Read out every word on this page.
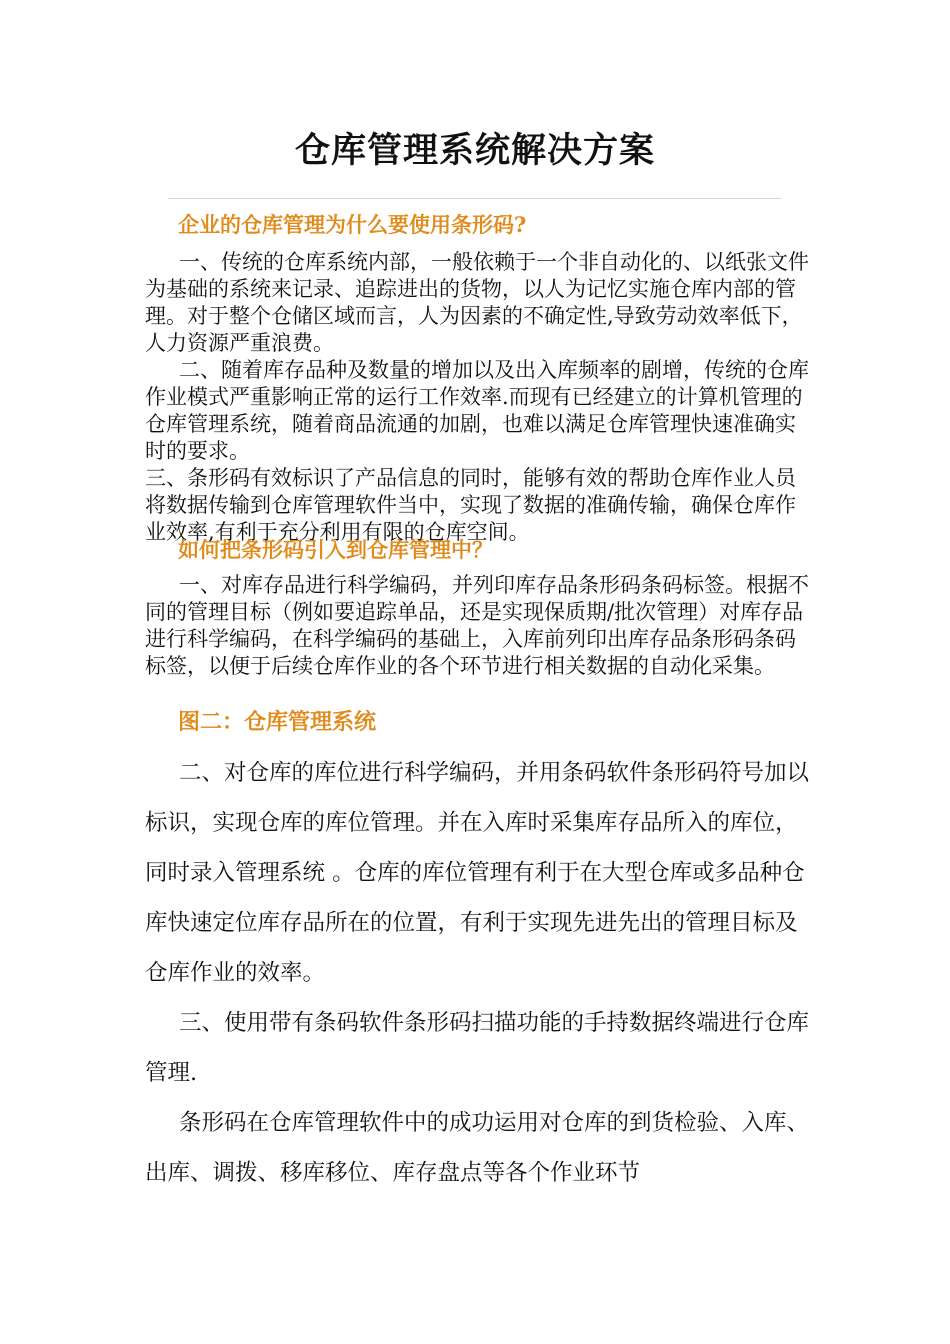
仓库管理系统解决方案
企业的仓库管理为什么要使用条形码?

一、传统的仓库系统内部，一般依赖于一个非自动化的、以纸张文件为基础的系统来记录、追踪进出的货物，以人为记忆实施仓库内部的管理。对于整个仓储区域而言，人为因素的不确定性,导致劳动效率低下，人力资源严重浪费。

二、随着库存品种及数量的增加以及出入库频率的剧增，传统的仓库作业模式严重影响正常的运行工作效率.而现有已经建立的计算机管理的仓库管理系统，随着商品流通的加剧，也难以满足仓库管理快速准确实时的要求。

三、条形码有效标识了产品信息的同时，能够有效的帮助仓库作业人员将数据传输到仓库管理软件当中，实现了数据的准确传输，确保仓库作业效率,有利于充分利用有限的仓库空间。

如何把条形码引入到仓库管理中？

一、对库存品进行科学编码，并列印库存品条形码条码标签。根据不同的管理目标（例如要追踪单品，还是实现保质期/批次管理）对库存品进行科学编码，在科学编码的基础上，入库前列印出库存品条形码条码标签，以便于后续仓库作业的各个环节进行相关数据的自动化采集。

图二：仓库管理系统

二、对仓库的库位进行科学编码，并用条码软件条形码符号加以标识，实现仓库的库位管理。并在入库时采集库存品所入的库位，同时录入管理系统 。仓库的库位管理有利于在大型仓库或多品种仓库快速定位库存品所在的位置，有利于实现先进先出的管理目标及仓库作业的效率。

三、使用带有条码软件条形码扫描功能的手持数据终端进行仓库管理.

条形码在仓库管理软件中的成功运用对仓库的到货检验、入库、出库、调拨、移库移位、库存盘点等各个作业环节
